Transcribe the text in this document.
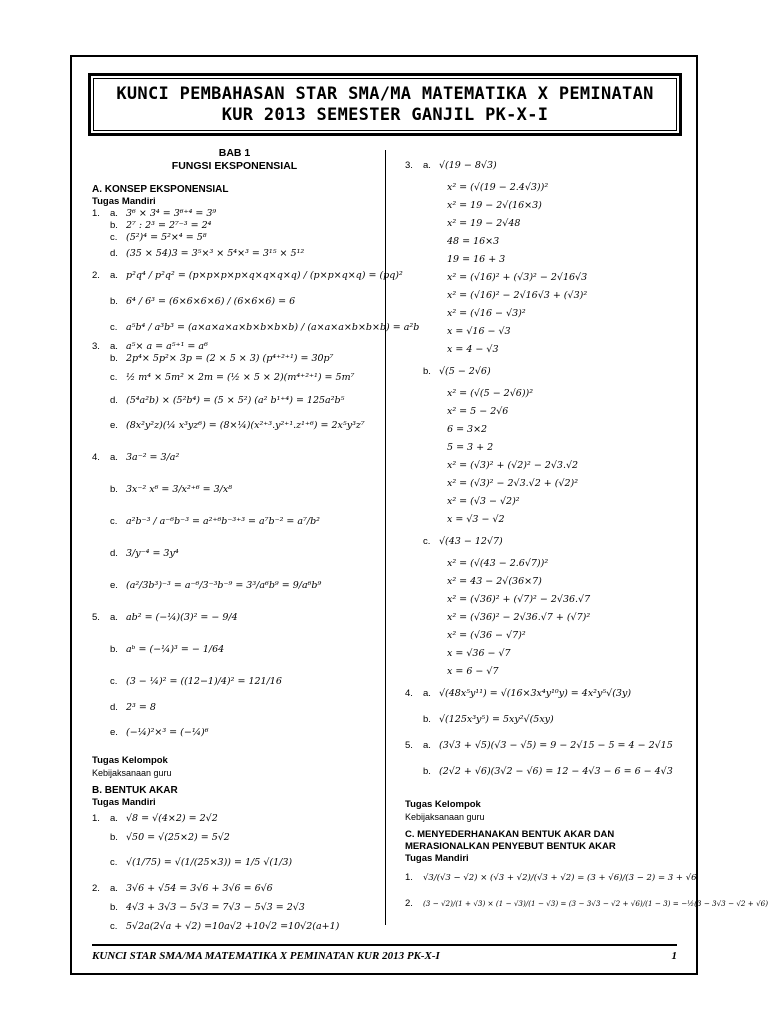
KUNCI PEMBAHASAN STAR SMA/MA MATEMATIKA X PEMINATAN
KUR 2013 SEMESTER GANJIL PK-X-I
BAB 1
FUNGSI EKSPONENSIAL
A. KONSEP EKSPONENSIAL
Tugas Mandiri
1.	a. 3⁶ × 3⁴ = 3⁶⁺⁴ = 3⁹
b. 2⁷ : 2³ = 2⁷⁻³ = 2⁴
c. (5²)⁴ = 5²×⁴ = 5⁸
d. (35 × 54)3 = 3⁵×³ × 5⁴×³ = 3¹⁵ × 5¹²
2.	a. p²q⁴ / p²q² = (p×p×p×p×q×q×q×q) / (p×p×q×q) = (pq)²
b. 6⁴ / 6³ = (6×6×6×6) / (6×6×6) = 6
c. a⁵b⁴ / a³b³ = (a×a×a×a×b×b×b×b) / (a×a×a×b×b×b) = a²b
3.	a. a⁵× a = a⁵⁺¹ = a⁶
b. 2p⁴× 5p²× 3p = (2 × 5 × 3) (p⁴⁺²⁺¹) = 30p⁷
c. ½ m⁴ × 5m² × 2m = (½ × 5 × 2)(m⁴⁺²⁺¹) = 5m⁷
d. (5⁴a²b) × (5²b⁴) = (5 × 5²) (a² b¹⁺⁴) = 125a²b⁵
e. (8x²y²z)(¼ x³yz⁶) = (8×¼)(x²⁺³.y²⁺¹.z¹⁺⁶) = 2x⁵y³z⁷
4.	a. 3a⁻² = 3/a²
b. 3x⁻² x⁶ = 3/x²⁺⁶ = 3/x⁸
c. a²b⁻³ / a⁻⁶b⁻³ = a²⁺⁶b⁻³⁺³ = a⁷b⁻² = a⁷/b²
d. 3/y⁻⁴ = 3y⁴
e. (a²/3b³)⁻³ = a⁻⁶/3⁻³b⁻⁹ = 3³/a⁶b⁹ = 9/a⁶b⁹
5.	a. ab² = (−¼)(3)² = − 9/4
b. aᵇ = (−¼)³ = − 1/64
c. (3 − ¼)² = ((12−1)/4)² = 121/16
d. 2³ = 8
e. (−¼)²×³ = (−¼)⁶
Tugas Kelompok
Kebijaksanaan guru
B. BENTUK AKAR
Tugas Mandiri
1.	a. √8 = √(4×2) = 2√2
b. √50 = √(25×2) = 5√2
c. √(1/75) = √(1/(25×3)) = 1/5 √(1/3)
2.	a. 3√6 + √54 = 3√6 + 3√6 = 6√6
b. 4√3 + 3√3 − 5√3 = 7√3 − 5√3 = 2√3
c. 5√2a(2√a + √2) =10a√2 +10√2 =10√2(a+1)
3.	a. √(19 − 8√3)
x² = (√(19 − 2.4√3))²
x² = 19 − 2√(16×3)
x² = 19 − 2√48
48 = 16×3
19 = 16 + 3
x² = (√16)² + (√3)² − 2√16√3
x² = (√16)² − 2√16√3 + (√3)²
x² = (√16 − √3)²
x = √16 − √3
x = 4 − √3
b. √(5 − 2√6)
x² = (√(5 − 2√6))²
x² = 5 − 2√6
6 = 3×2
5 = 3 + 2
x² = (√3)² + (√2)² − 2√3.√2
x² = (√3)² − 2√3.√2 + (√2)²
x² = (√3 − √2)²
x = √3 − √2
c. √(43 − 12√7)
x² = (√(43 − 2.6√7))²
x² = 43 − 2√(36×7)
x² = (√36)² + (√7)² − 2√36.√7
x² = (√36)² − 2√36.√7 + (√7)²
x² = (√36 − √7)²
x = √36 − √7
x = 6 − √7
4.	a. √(48x⁵y¹¹) = √(16×3x⁴y¹⁰y) = 4x²y⁵√(3y)
b. √(125x³y⁵) = 5xy²√(5xy)
5.	a. (3√3 + √5)(√3 − √5) = 9 − 2√15 − 5 = 4 − 2√15
b. (2√2 + √6)(3√2 − √6) = 12 − 4√3 − 6 = 6 − 4√3
Tugas Kelompok
Kebijaksanaan guru
C. MENYEDERHANAKAN BENTUK AKAR DAN
MERASIONALKAN PENYEBUT BENTUK AKAR
Tugas Mandiri
1.	√3/(√3 − √2) × (√3 + √2)/(√3 + √2) = (3 + √6)/(3 − 2) = 3 + √6
2.	(3 − √2)/(1 + √3) × (1 − √3)/(1 − √3) = (3 − 3√3 − √2 + √6)/(1 − 3) = −½(3 − 3√3 − √2 + √6)
KUNCI STAR SMA/MA MATEMATIKA X PEMINATAN KUR 2013 PK-X-I	1
